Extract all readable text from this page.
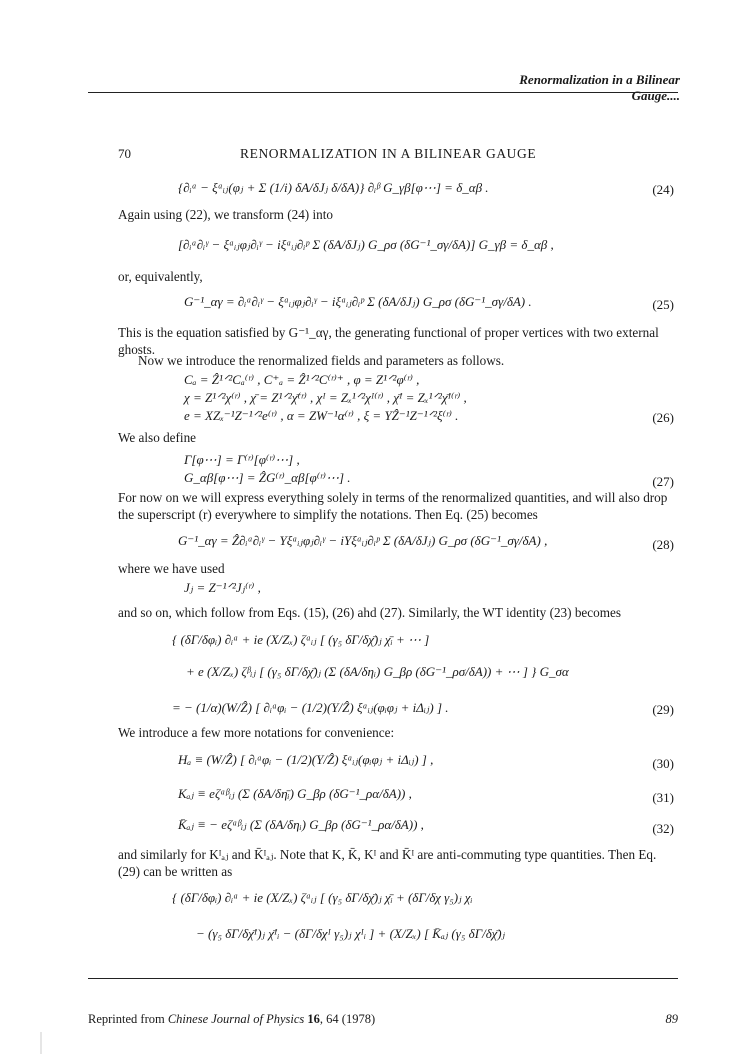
Renormalization in a Bilinear Gauge....
70	RENORMALIZATION IN A BILINEAR GAUGE
{∂ᵢᵃ − ξᵃᵢⱼ(φⱼ + Σ (1/i) δA/δJⱼ δ/δA)} ∂ᵢᵝ G_γβ[φ⋯] = δ_αβ .	(24)
Again using (22), we transform (24) into
[∂ᵢᵃ∂ᵢᵞ − ξᵃᵢⱼφⱼ∂ᵢᵞ − iξᵃᵢⱼ∂ᵢᵖ Σ (δA/δJⱼ) G_ρσ (δG⁻¹_σγ/δA)] G_γβ = δ_αβ ,
or, equivalently,
G⁻¹_αγ = ∂ᵢᵃ∂ᵢᵞ − ξᵃᵢⱼφⱼ∂ᵢᵞ − iξᵃᵢⱼ∂ᵢᵖ Σ (δA/δJⱼ) G_ρσ (δG⁻¹_σγ/δA) .	(25)
This is the equation satisfied by G⁻¹_αγ, the generating functional of proper vertices with two external ghosts.
Now we introduce the renormalized fields and parameters as follows.
Cₐ = Ẑ¹ᐟ²Cₐ⁽ʳ⁾ , C⁺ₐ = Ẑ¹ᐟ²C⁽ʳ⁾⁺ , φ = Z¹ᐟ²φ⁽ʳ⁾ ,
χ = Z¹ᐟ²χ⁽ʳ⁾ , χ̄ = Z¹ᐟ²χ̄⁽ʳ⁾ , χᴵ = Zₓ¹ᐟ²χᴵ⁽ʳ⁾ , χ̄ᴵ = Zₓ¹ᐟ²χ̄ᴵ⁽ʳ⁾ ,
e = XZₓ⁻¹Z⁻¹ᐟ²e⁽ʳ⁾ , α = ZW⁻¹α⁽ʳ⁾ , ξ = YẐ⁻¹Z⁻¹ᐟ²ξ⁽ʳ⁾ .	(26)
We also define
Γ[φ⋯] = Γ⁽ʳ⁾[φ⁽ʳ⁾⋯] ,
G_αβ[φ⋯] = ẐG⁽ʳ⁾_αβ[φ⁽ʳ⁾⋯] .	(27)
For now on we will express everything solely in terms of the renormalized quantities, and will also drop the superscript (r) everywhere to simplify the notations. Then Eq. (25) becomes
G⁻¹_αγ = Ẑ∂ᵢᵃ∂ᵢᵞ − Yξᵃᵢⱼφⱼ∂ᵢᵞ − iYξᵃᵢⱼ∂ᵢᵖ Σ (δA/δJⱼ) G_ρσ (δG⁻¹_σγ/δA) ,	(28)
where we have used
Jⱼ = Z⁻¹ᐟ²Jⱼ⁽ʳ⁾ ,
and so on, which follow from Eqs. (15), (26) ahd (27). Similarly, the WT identity (23) becomes
{ (δΓ/δφᵢ) ∂ᵢᵃ + ie (X/Zₓ) ζᵃᵢⱼ [ (γ₅ δΓ/δχ̄)ⱼ χ̄ᵢ + ⋯ ]
+ e (X/Zₓ) ζᵝᵢⱼ [ (γ₅ δΓ/δχ̄)ⱼ (Σ (δA/δηᵢ) G_βρ (δG⁻¹_ρσ/δA)) + ⋯ ] } G_σα
= − (1/α)(W/Ẑ) [ ∂ᵢᵃφᵢ − (1/2)(Y/Ẑ) ξᵃᵢⱼ(φᵢφⱼ + iΔᵢⱼ) ] .	(29)
We introduce a few more notations for convenience:
Hₐ ≡ (W/Ẑ) [ ∂ᵢᵃφᵢ − (1/2)(Y/Ẑ) ξᵃᵢⱼ(φᵢφⱼ + iΔᵢⱼ) ] ,	(30)
Kₐⱼ ≡ eζᵃᵝᵢⱼ (Σ (δA/δη̄ᵢ) G_βρ (δG⁻¹_ρα/δA)) ,	(31)
K̄ₐⱼ ≡ − eζᵃᵝᵢⱼ (Σ (δA/δηᵢ) G_βρ (δG⁻¹_ρα/δA)) ,	(32)
and similarly for Kᴵₐⱼ and K̄ᴵₐⱼ. Note that K, K̄, Kᴵ and K̄ᴵ are anti-commuting type quantities. Then Eq. (29) can be written as
{ (δΓ/δφᵢ) ∂ᵢᵃ + ie (X/Zₓ) ζᵃᵢⱼ [ (γ₅ δΓ/δχ̄)ⱼ χ̄ᵢ + (δΓ/δχ γ₅)ⱼ χᵢ
− (γ₅ δΓ/δχ̄ᴵ)ⱼ χ̄ᴵᵢ − (δΓ/δχᴵ γ₅)ⱼ χᴵᵢ ] + (X/Zₓ) [ K̄ₐⱼ (γ₅ δΓ/δχ̄)ⱼ
Reprinted from Chinese Journal of Physics 16, 64 (1978)	89
